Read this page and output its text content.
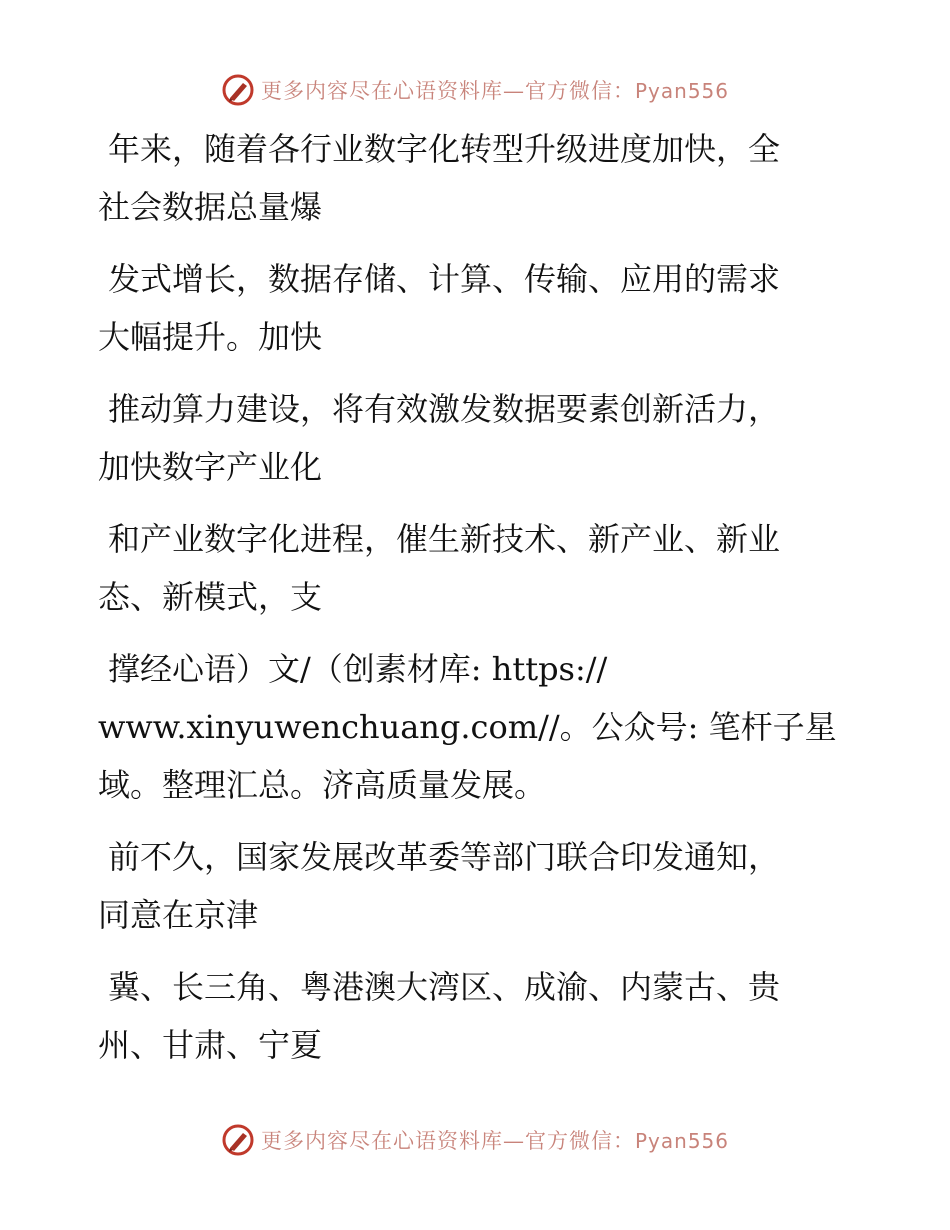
更多内容尽在心语资料库—官方微信：Pyan556

年来，随着各行业数字化转型升级进度加快，全
社会数据总量爆

发式增长，数据存储、计算、传输、应用的需求
大幅提升。加快

推动算力建设，将有效激发数据要素创新活力，
加快数字产业化

和产业数字化进程，催生新技术、新产业、新业
态、新模式，支

撑经心语）文/（创素材库: https://
www.xinyuwenchuang.com//。公众号: 笔杆子星
域。整理汇总。济高质量发展。

前不久，国家发展改革委等部门联合印发通知，
同意在京津

冀、长三角、粤港澳大湾区、成渝、内蒙古、贵
州、甘肃、宁夏

更多内容尽在心语资料库—官方微信：Pyan556
